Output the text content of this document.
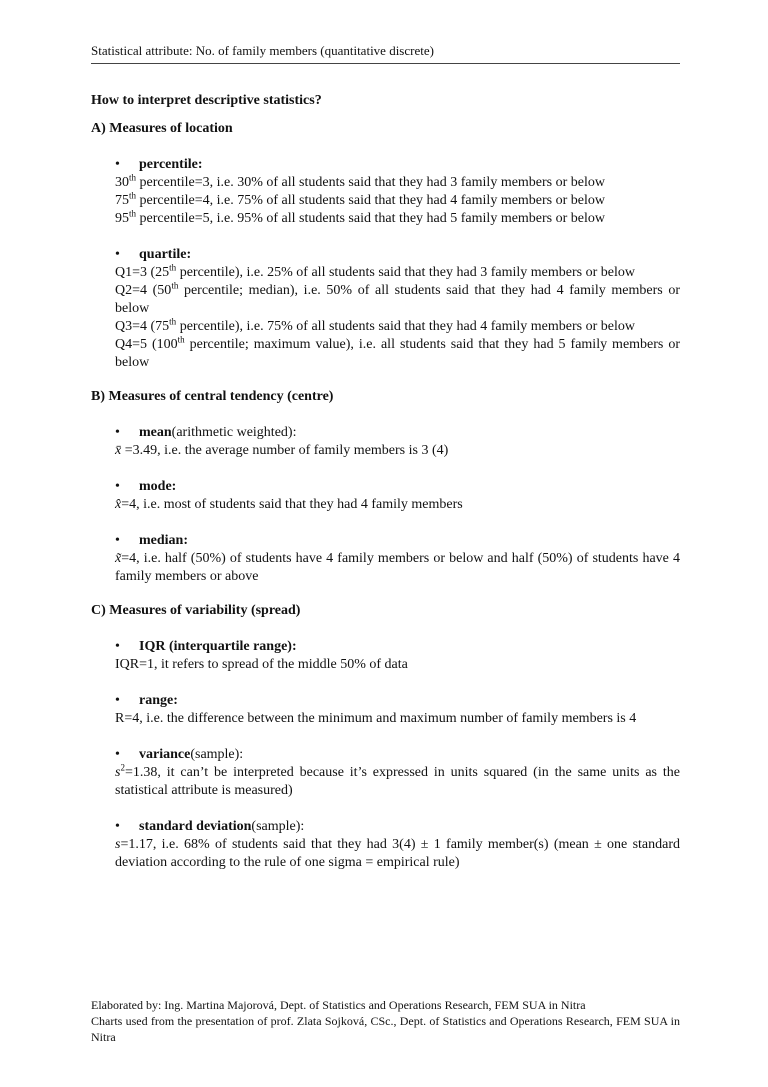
Statistical attribute: No. of family members (quantitative discrete)
How to interpret descriptive statistics?
A) Measures of location
•	percentile:
30th percentile=3, i.e. 30% of all students said that they had 3 family members or below
75th percentile=4, i.e. 75% of all students said that they had 4 family members or below
95th percentile=5, i.e. 95% of all students said that they had 5 family members or below
•	quartile:
Q1=3 (25th percentile), i.e. 25% of all students said that they had 3 family members or below
Q2=4 (50th percentile; median), i.e. 50% of all students said that they had 4 family members or below
Q3=4 (75th percentile), i.e. 75% of all students said that they had 4 family members or below
Q4=5 (100th percentile; maximum value), i.e. all students said that they had 5 family members or below
B) Measures of central tendency (centre)
•	mean (arithmetic weighted):
x̄ =3.49, i.e. the average number of family members is 3 (4)
•	mode:
x̂=4, i.e. most of students said that they had 4 family members
•	median:
x̃=4, i.e. half (50%) of students have 4 family members or below and half (50%) of students have 4 family members or above
C) Measures of variability (spread)
•	IQR (interquartile range):
IQR=1, it refers to spread of the middle 50% of data
•	range:
R=4, i.e. the difference between the minimum and maximum number of family members is 4
•	variance (sample):
$s^2=1.38$, it can’t be interpreted because it’s expressed in units squared (in the same units as the statistical attribute is measured)
•	standard deviation (sample):
s=1.17, i.e. 68% of students said that they had 3(4) ± 1 family member(s) (mean ± one standard deviation according to the rule of one sigma = empirical rule)
Elaborated by: Ing. Martina Majorová, Dept. of Statistics and Operations Research, FEM SUA in Nitra
Charts used from the presentation of prof. Zlata Sojková, CSc., Dept. of Statistics and Operations Research, FEM SUA in Nitra
